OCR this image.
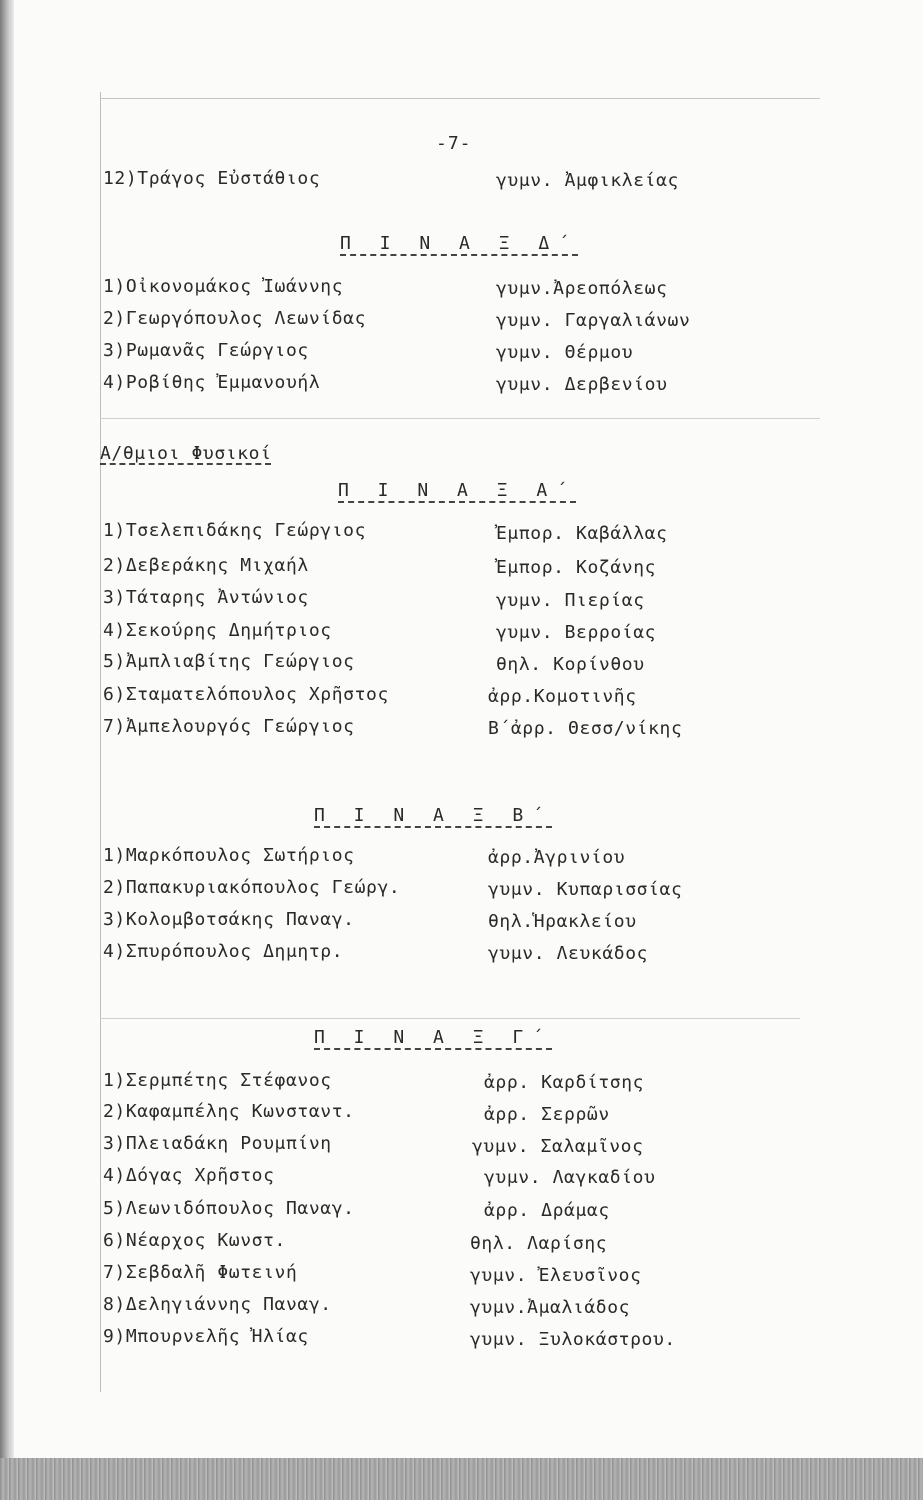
-7-
12)Τράγος Εὐστάθιος	γυμν. Ἀμφικλείας
Π Ι Ν Α Ξ Δ΄
1)Οἰκονομάκος Ἰωάννης	γυμν.Ἀρεοπόλεως
2)Γεωργόπουλος Λεωνίδας	γυμν. Γαργαλιάνων
3)Ρωμανᾶς Γεώργιος	γυμν. Θέρμου
4)Ροβίθης Ἐμμανουήλ	γυμν. Δερβενίου
Α/θμιοι Φυσικοί
Π Ι Ν Α Ξ Α΄
1)Τσελεπιδάκης Γεώργιος	Ἐμπορ. Καβάλλας
2)Δεβεράκης Μιχαήλ	Ἐμπορ. Κοζάνης
3)Τάταρης Ἀντώνιος	γυμν. Πιερίας
4)Σεκούρης Δημήτριος	γυμν. Βερροίας
5)Ἀμπλιαβίτης Γεώργιος	θηλ. Κορίνθου
6)Σταματελόπουλος Χρῆστος	ἀρρ.Κομοτινῆς
7)Ἀμπελουργός Γεώργιος	Β΄ἀρρ. Θεσσ/νίκης
Π Ι Ν Α Ξ Β΄
1)Μαρκόπουλος Σωτήριος	ἀρρ.Ἀγρινίου
2)Παπακυριακόπουλος Γεώργ.	γυμν. Κυπαρισσίας
3)Κολομβοτσάκης Παναγ.	θηλ.Ἡρακλείου
4)Σπυρόπουλος Δημητρ.	γυμν. Λευκάδος
Π Ι Ν Α Ξ Γ΄
1)Σερμπέτης Στέφανος	ἀρρ. Καρδίτσης
2)Καφαμπέλης Κωνσταντ.	ἀρρ. Σερρῶν
3)Πλειαδάκη Ρουμπίνη	γυμν. Σαλαμῖνος
4)Δόγας Χρῆστος	γυμν. Λαγκαδίου
5)Λεωνιδόπουλος Παναγ.	ἀρρ. Δράμας
6)Νέαρχος Κωνστ.	θηλ. Λαρίσης
7)Σεβδαλῆ Φωτεινή	γυμν. Ἐλευσῖνος
8)Δεληγιάννης Παναγ.	γυμν.Ἀμαλιάδος
9)Μπουρνελῆς Ἠλίας	γυμν. Ξυλοκάστρου.
